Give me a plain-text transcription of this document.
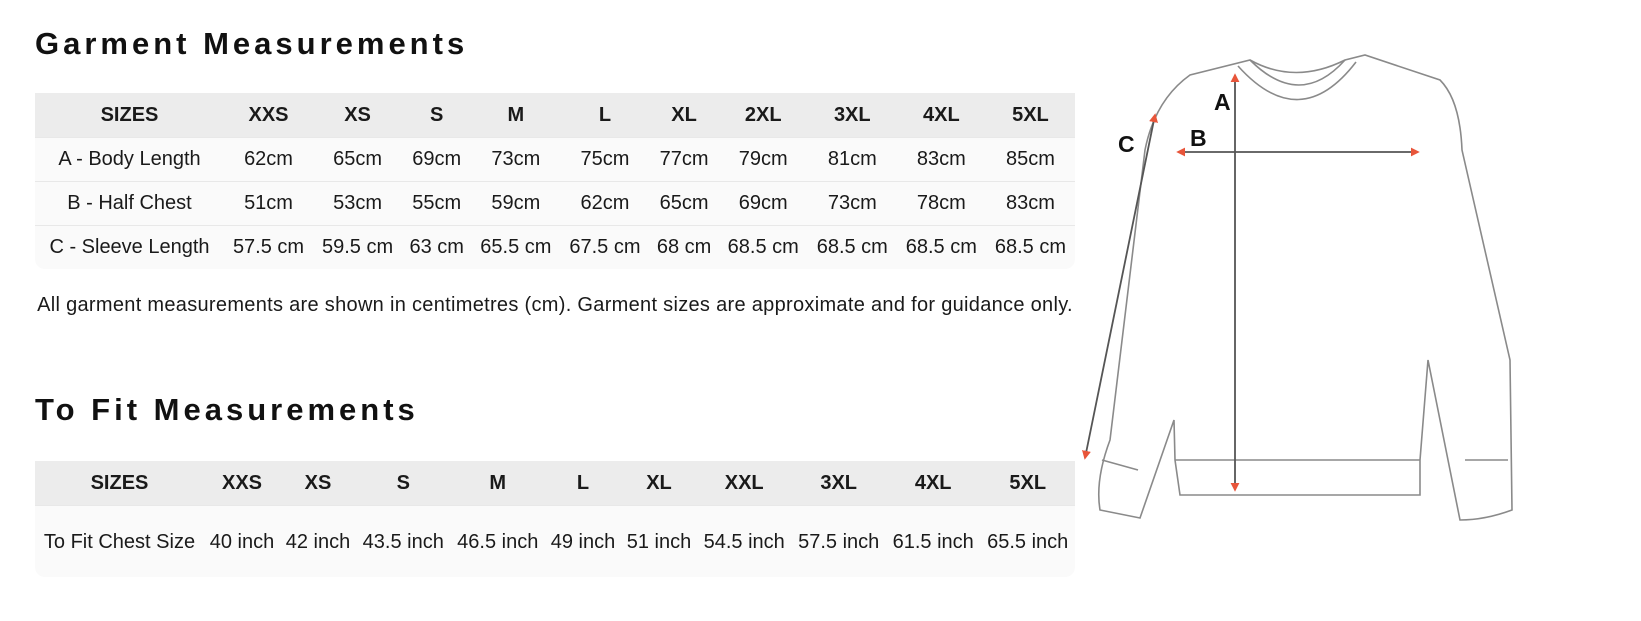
Garment Measurements
SIZES	XXS	XS	S	M	L	XL	2XL	3XL	4XL	5XL
A - Body Length	62cm	65cm	69cm	73cm	75cm	77cm	79cm	81cm	83cm	85cm
B - Half Chest	51cm	53cm	55cm	59cm	62cm	65cm	69cm	73cm	78cm	83cm
C - Sleeve Length	57.5 cm	59.5 cm	63 cm	65.5 cm	67.5 cm	68 cm	68.5 cm	68.5 cm	68.5 cm	68.5 cm
All garment measurements are shown in centimetres (cm). Garment sizes are approximate and for guidance only.
To Fit Measurements
SIZES	XXS	XS	S	M	L	XL	XXL	3XL	4XL	5XL
To Fit Chest Size	40 inch	42 inch	43.5 inch	46.5 inch	49 inch	51 inch	54.5 inch	57.5 inch	61.5 inch	65.5 inch
A
B
C
